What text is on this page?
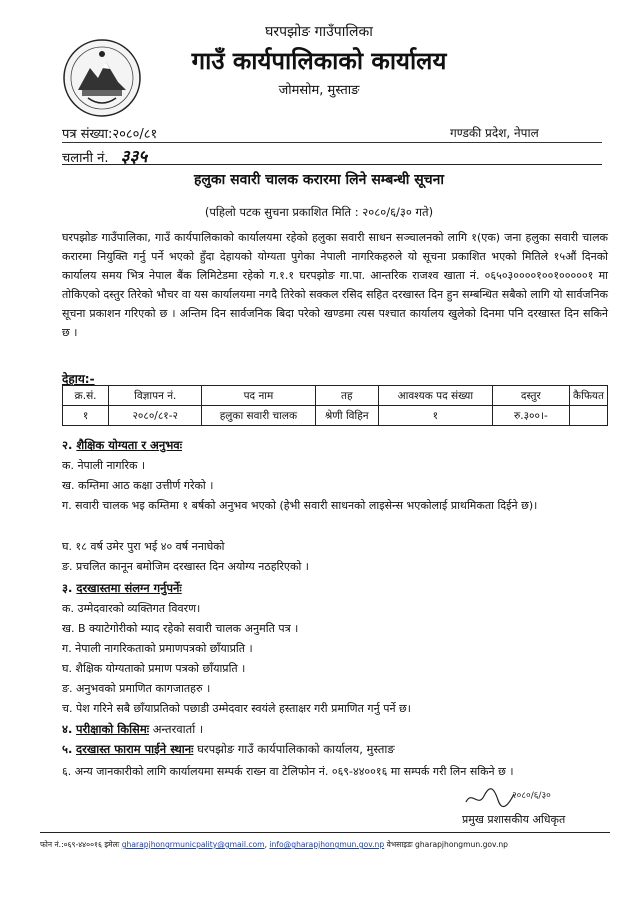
घरपझोङ गाउँपालिका
गाउँ कार्यपालिकाको कार्यालय
जोमसोम, मुस्ताङ
गण्डकी प्रदेश, नेपाल
पत्र संख्या:२०८०/८१
चलानी नं. ३३५
हलुका सवारी चालक करारमा लिने सम्बन्धी सूचना
(पहिलो पटक सुचना प्रकाशित मिति : २०८०/६/३० गते)
घरपझोङ गाउँपालिका, गाउँ कार्यपालिकाको कार्यालयमा रहेको हलुका सवारी साधन सञ्चालनको लागि १(एक) जना हलुका सवारी चालक करारमा नियुक्ति गर्नु पर्ने भएको हुँदा देहायको योग्यता पुगेका नेपाली नागरिकहरुले यो सूचना प्रकाशित भएको मितिले १५औं दिनको कार्यालय समय भित्र नेपाल बैंक लिमिटेडमा रहेको ग.१.१ घरपझोङ गा.पा. आन्तरिक राजश्व खाता नं. ०६५०३००००१००१०००००१ मा तोकिएको दस्तुर तिरेको भौचर वा यस कार्यालयमा नगदै तिरेको सक्कल रसिद सहित दरखास्त दिन हुन सम्बन्धित सबैको लागि यो सार्वजनिक सूचना प्रकाशन गरिएको छ । अन्तिम दिन सार्वजनिक बिदा परेको खण्डमा त्यस पश्चात कार्यालय खुलेको दिनमा पनि दरखास्त दिन सकिने छ ।
देहाय:-
क्र.सं.	विज्ञापन नं.	पद नाम	तह	आवश्यक पद संख्या	दस्तुर	कैफियत
१	२०८०/८१-२	हलुका सवारी चालक	श्रेणी विहिन	१	रु.३००।-	
२. शैक्षिक योग्यता र अनुभवः
क. नेपाली नागरिक ।
ख. कम्तिमा आठ कक्षा उत्तीर्ण गरेको ।
ग. सवारी चालक भइ कम्तिमा १ बर्षको अनुभव भएको (हेभी सवारी साधनको लाइसेन्स भएकोलाई प्राथमिकता दिईने छ)।
घ. १८ वर्ष उमेर पुरा भई ४० वर्ष ननाघेको
ङ. प्रचलित कानून बमोजिम दरखास्त दिन अयोग्य नठहरिएको ।
३. दरखास्तमा संलग्न गर्नुपर्नेः
क. उम्मेदवारको व्यक्तिगत विवरण।
ख. B क्याटेगोरीको म्याद रहेको सवारी चालक अनुमति पत्र ।
ग. नेपाली नागरिकताको प्रमाणपत्रको छाँयाप्रति ।
घ. शैक्षिक योग्यताको प्रमाण पत्रको छाँयाप्रति ।
ङ. अनुभवको प्रमाणित कागजातहरु ।
च. पेश गरिने सबै छाँयाप्रतिको पछाडी उम्मेदवार स्वयंले हस्ताक्षर गरी प्रमाणित गर्नु पर्ने छ।
४. परीक्षाको किसिमः अन्तरवार्ता ।
५. दरखास्त फाराम पाईने स्थानः घरपझोङ गाउँ कार्यपालिकाको कार्यालय, मुस्ताङ
६. अन्य जानकारीको लागि कार्यालयमा सम्पर्क राख्न वा टेलिफोन नं. ०६९-४४००१६ मा सम्पर्क गरी लिन सकिने छ ।
२०८०/६/३०
प्रमुख प्रशासकीय अधिकृत
फोन नं.:०६९-४४००१६ इमेलः gharapjhongrmunicpality@gmail.com, info@gharapjhongmun.gov.np वेभसाइडः gharapjhongmun.gov.np
